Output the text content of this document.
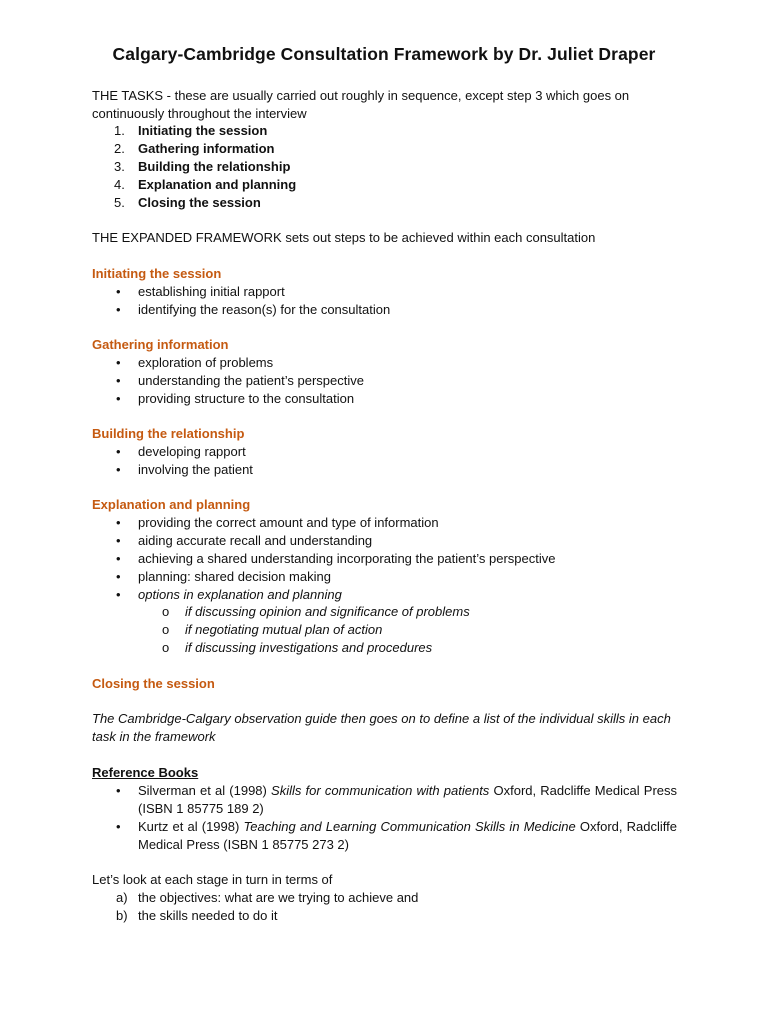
Calgary-Cambridge Consultation Framework by Dr. Juliet Draper
THE TASKS - these are usually carried out roughly in sequence, except step 3 which goes on continuously throughout the interview
1. Initiating the session
2. Gathering information
3. Building the relationship
4. Explanation and planning
5. Closing the session
THE EXPANDED FRAMEWORK sets out steps to be achieved within each consultation
Initiating the session
• establishing initial rapport
• identifying the reason(s) for the consultation
Gathering information
• exploration of problems
• understanding the patient’s perspective
• providing structure to the consultation
Building the relationship
• developing rapport
• involving the patient
Explanation and planning
• providing the correct amount and type of information
• aiding accurate recall and understanding
• achieving a shared understanding incorporating the patient’s perspective
• planning: shared decision making
• options in explanation and planning
o if discussing opinion and significance of problems
o if negotiating mutual plan of action
o if discussing investigations and procedures
Closing the session
The Cambridge-Calgary observation guide then goes on to define a list of the individual skills in each task in the framework
Reference Books
• Silverman et al (1998) Skills for communication with patients Oxford, Radcliffe Medical Press (ISBN 1 85775 189 2)
• Kurtz et al (1998) Teaching and Learning Communication Skills in Medicine Oxford, Radcliffe Medical Press (ISBN 1 85775 273 2)
Let’s look at each stage in turn in terms of
a) the objectives: what are we trying to achieve and
b) the skills needed to do it
